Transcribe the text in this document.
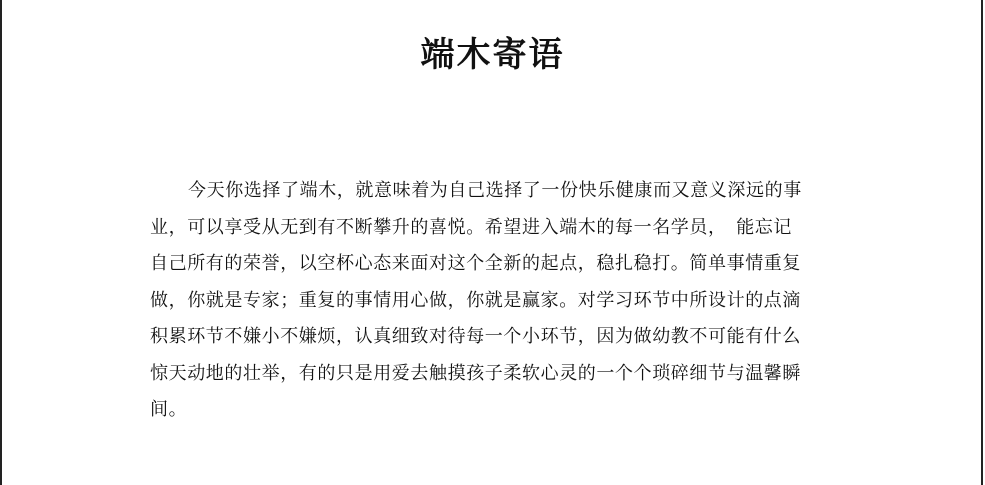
端木寄语
今天你选择了端木，就意味着为自己选择了一份快乐健康而又意义深远的事
业，可以享受从无到有不断攀升的喜悦。希望进入端木的每一名学员，　能忘记
自己所有的荣誉，以空杯心态来面对这个全新的起点，稳扎稳打。简单事情重复
做，你就是专家；重复的事情用心做，你就是赢家。对学习环节中所设计的点滴
积累环节不嫌小不嫌烦，认真细致对待每一个小环节，因为做幼教不可能有什么
惊天动地的壮举，有的只是用爱去触摸孩子柔软心灵的一个个琐碎细节与温馨瞬
间。
